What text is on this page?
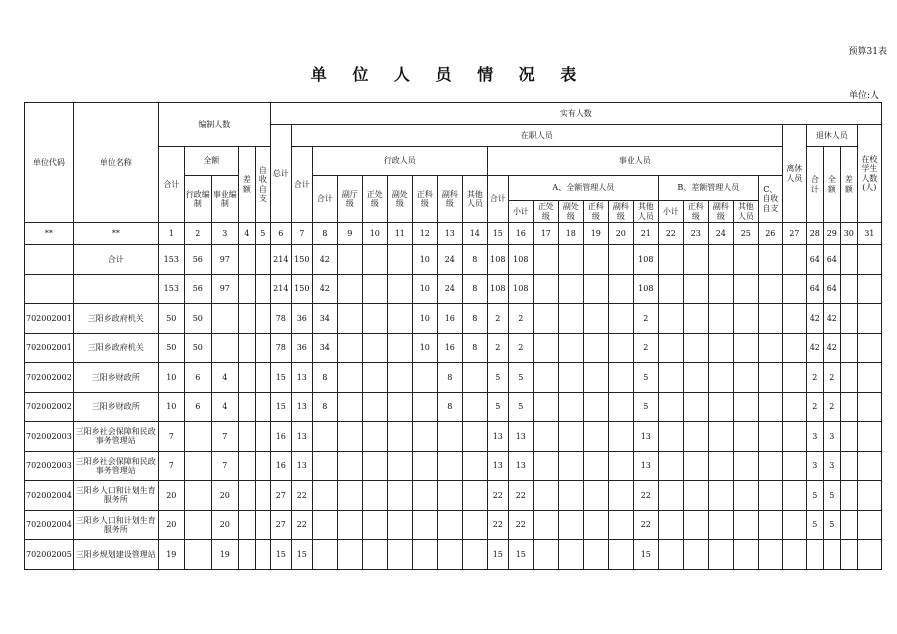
预算31表
单 位 人 员 情 况 表
单位:人
单位代码	单位名称	编制人数					实有人数																									
							总计	在职人员																				离休人员	退休人员			在校学生人数(人)
		合计	全额		差额	自收自支		合计	行政人员							事业人员													合计	全额	差额	
			行政编制	事业编制					合计	副厅级	正处级	副处级	正科级	副科级	其他人员	合计	A、全额管理人员						B、差额管理人员				C、自收自支					
																	小计	正处级	副处级	正科级	副科级	其他人员	小计	正科级	副科级	其他人员						
**	**	1	2	3	4	5	6	7	8	9	10	11	12	13	14	15	16	17	18	19	20	21	22	23	24	25	26	27	28	29	30	31
	合计	153	56	97			214	150	42				10	24	8	108	108					108							64	64		
		153	56	97			214	150	42				10	24	8	108	108					108							64	64		
702002001	三阳乡政府机关	50	50				78	36	34				10	16	8	2	2					2							42	42		
702002001	三阳乡政府机关	50	50				78	36	34				10	16	8	2	2					2							42	42		
702002002	三阳乡财政所	10	6	4			15	13	8					8		5	5					5							2	2		
702002002	三阳乡财政所	10	6	4			15	13	8					8		5	5					5							2	2		
702002003	三阳乡社会保障和民政事务管理站	7		7			16	13								13	13					13							3	3		
702002003	三阳乡社会保障和民政事务管理站	7		7			16	13								13	13					13							3	3		
702002004	三阳乡人口和计划生育服务所	20		20			27	22								22	22					22							5	5		
702002004	三阳乡人口和计划生育服务所	20		20			27	22								22	22					22							5	5		
702002005	三阳乡规划建设管理站	19		19			15	15								15	15					15										
